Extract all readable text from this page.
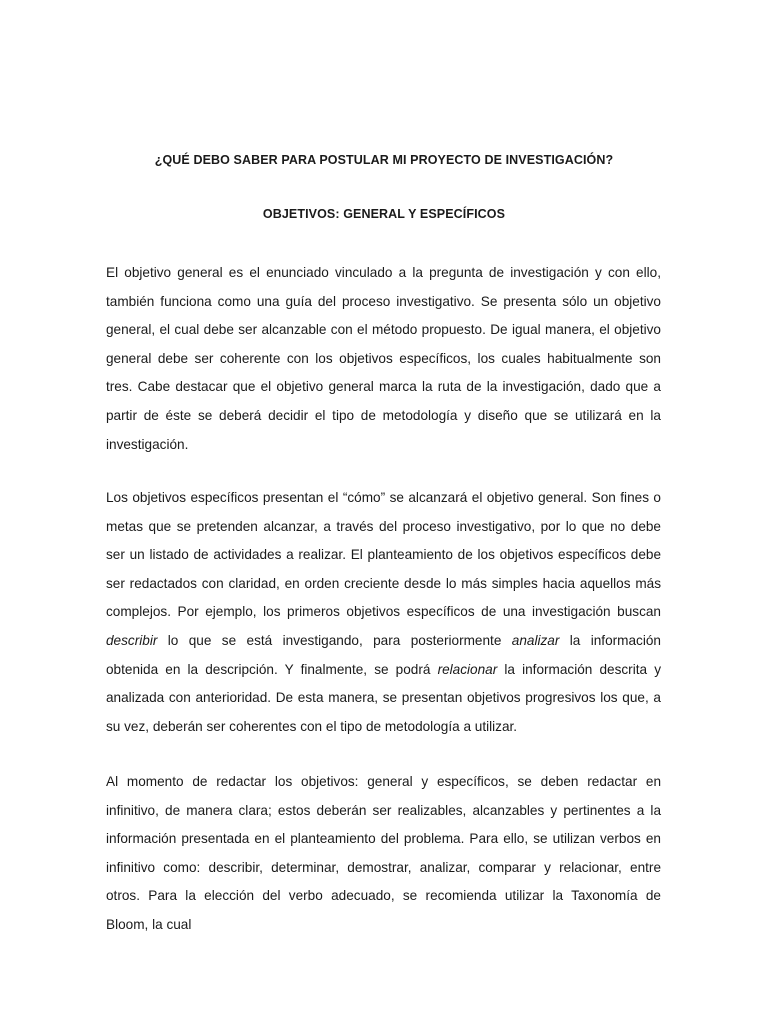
¿QUÉ DEBO SABER PARA POSTULAR MI PROYECTO DE INVESTIGACIÓN?
OBJETIVOS: GENERAL Y ESPECÍFICOS
El objetivo general es el enunciado vinculado a la pregunta de investigación y con ello,
también funciona como una guía del proceso investigativo. Se presenta sólo un objetivo
general, el cual debe ser alcanzable con el método propuesto. De igual manera, el objetivo
general debe ser coherente con los objetivos específicos, los cuales habitualmente son
tres. Cabe destacar que el objetivo general marca la ruta de la investigación, dado que a
partir de éste se deberá decidir el tipo de metodología y diseño que se utilizará en la
investigación.
Los objetivos específicos presentan el “cómo” se alcanzará el objetivo general. Son fines o
metas que se pretenden alcanzar, a través del proceso investigativo, por lo que no debe
ser un listado de actividades a realizar. El planteamiento de los objetivos específicos debe
ser redactados con claridad, en orden creciente desde lo más simples hacia aquellos más
complejos. Por ejemplo, los primeros objetivos específicos de una investigación buscan
describir lo que se está investigando, para posteriormente analizar la información
obtenida en la descripción. Y finalmente, se podrá relacionar la información descrita y
analizada con anterioridad. De esta manera, se presentan objetivos progresivos los que, a
su vez, deberán ser coherentes con el tipo de metodología a utilizar.
Al momento de redactar los objetivos: general y específicos, se deben redactar en
infinitivo, de manera clara; estos deberán ser realizables, alcanzables y pertinentes a la
información presentada en el planteamiento del problema. Para ello, se utilizan verbos en
infinitivo como: describir, determinar, demostrar, analizar, comparar y relacionar, entre
otros. Para la elección del verbo adecuado, se recomienda utilizar la Taxonomía de
Bloom, la cual
